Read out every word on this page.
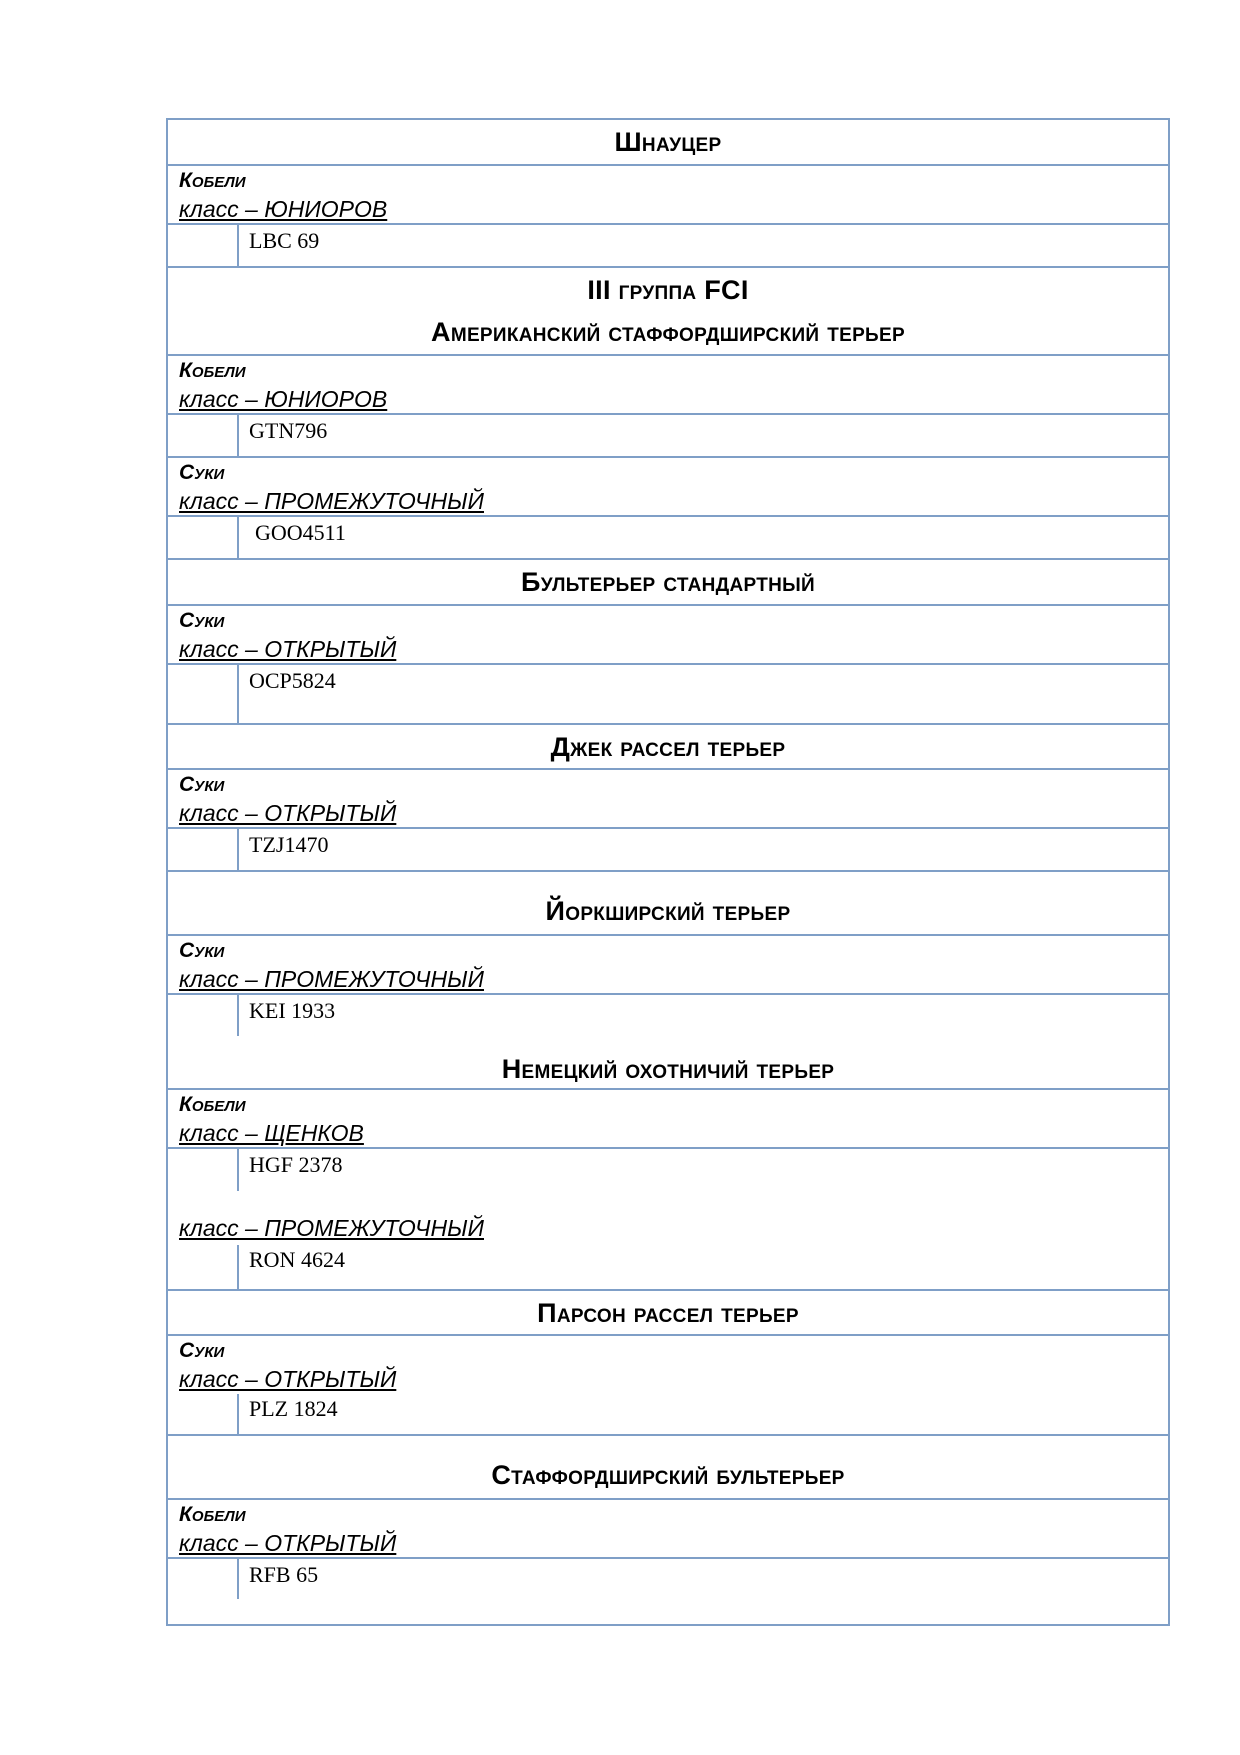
Шнауцер
Кобели
класс – ЮНИОРОВ
LBC 69
III группа FCI
Американский стаффордширский терьер
Кобели
класс – ЮНИОРОВ
GTN796
Суки
класс – ПРОМЕЖУТОЧНЫЙ
GOO4511
Бультерьер стандартный
Суки
класс – ОТКРЫТЫЙ
OCP5824
Джек рассел терьер
Суки
класс – ОТКРЫТЫЙ
TZJ1470
Йоркширский терьер
Суки
класс – ПРОМЕЖУТОЧНЫЙ
KEI 1933
Немецкий охотничий терьер
Кобели
класс – ЩЕНКОВ
HGF 2378
класс – ПРОМЕЖУТОЧНЫЙ
RON 4624
Парсон рассел терьер
Суки
класс – ОТКРЫТЫЙ
PLZ 1824
Стаффордширский бультерьер
Кобели
класс – ОТКРЫТЫЙ
RFB 65
